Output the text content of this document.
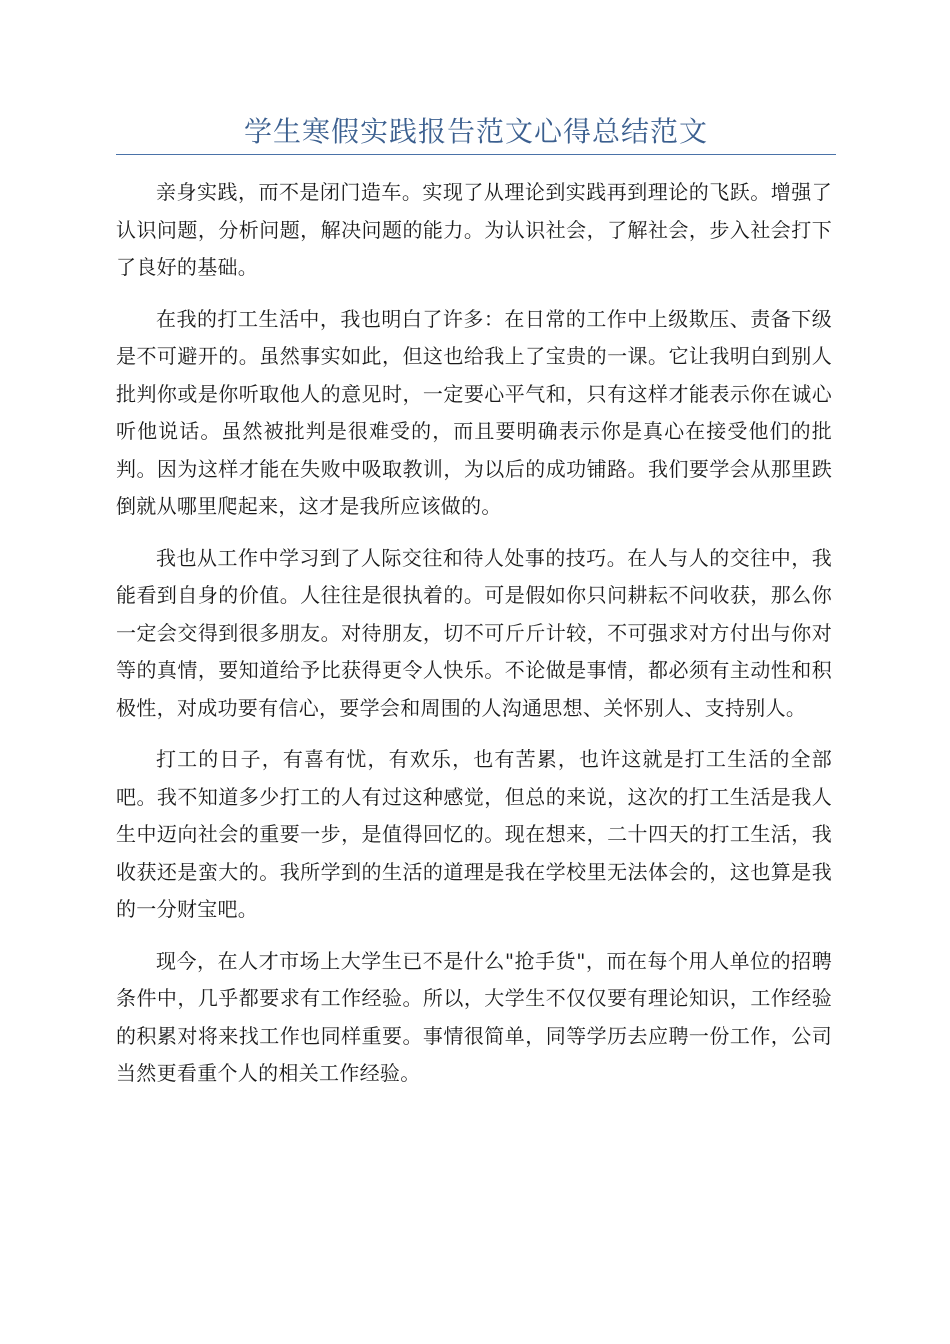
学生寒假实践报告范文心得总结范文

亲身实践，而不是闭门造车。实现了从理论到实践再到理论的飞跃。增强了认识问题，分析问题，解决问题的能力。为认识社会，了解社会，步入社会打下了良好的基础。

在我的打工生活中，我也明白了许多：在日常的工作中上级欺压、责备下级是不可避开的。虽然事实如此，但这也给我上了宝贵的一课。它让我明白到别人批判你或是你听取他人的意见时，一定要心平气和，只有这样才能表示你在诚心听他说话。虽然被批判是很难受的，而且要明确表示你是真心在接受他们的批判。因为这样才能在失败中吸取教训，为以后的成功铺路。我们要学会从那里跌倒就从哪里爬起来，这才是我所应该做的。

我也从工作中学习到了人际交往和待人处事的技巧。在人与人的交往中，我能看到自身的价值。人往往是很执着的。可是假如你只问耕耘不问收获，那么你一定会交得到很多朋友。对待朋友，切不可斤斤计较，不可强求对方付出与你对等的真情，要知道给予比获得更令人快乐。不论做是事情，都必须有主动性和积极性，对成功要有信心，要学会和周围的人沟通思想、关怀别人、支持别人。

打工的日子，有喜有忧，有欢乐，也有苦累，也许这就是打工生活的全部吧。我不知道多少打工的人有过这种感觉，但总的来说，这次的打工生活是我人生中迈向社会的重要一步，是值得回忆的。现在想来，二十四天的打工生活，我收获还是蛮大的。我所学到的生活的道理是我在学校里无法体会的，这也算是我的一分财宝吧。

现今，在人才市场上大学生已不是什么"抢手货"，而在每个用人单位的招聘条件中，几乎都要求有工作经验。所以，大学生不仅仅要有理论知识，工作经验的积累对将来找工作也同样重要。事情很简单，同等学历去应聘一份工作，公司当然更看重个人的相关工作经验。
